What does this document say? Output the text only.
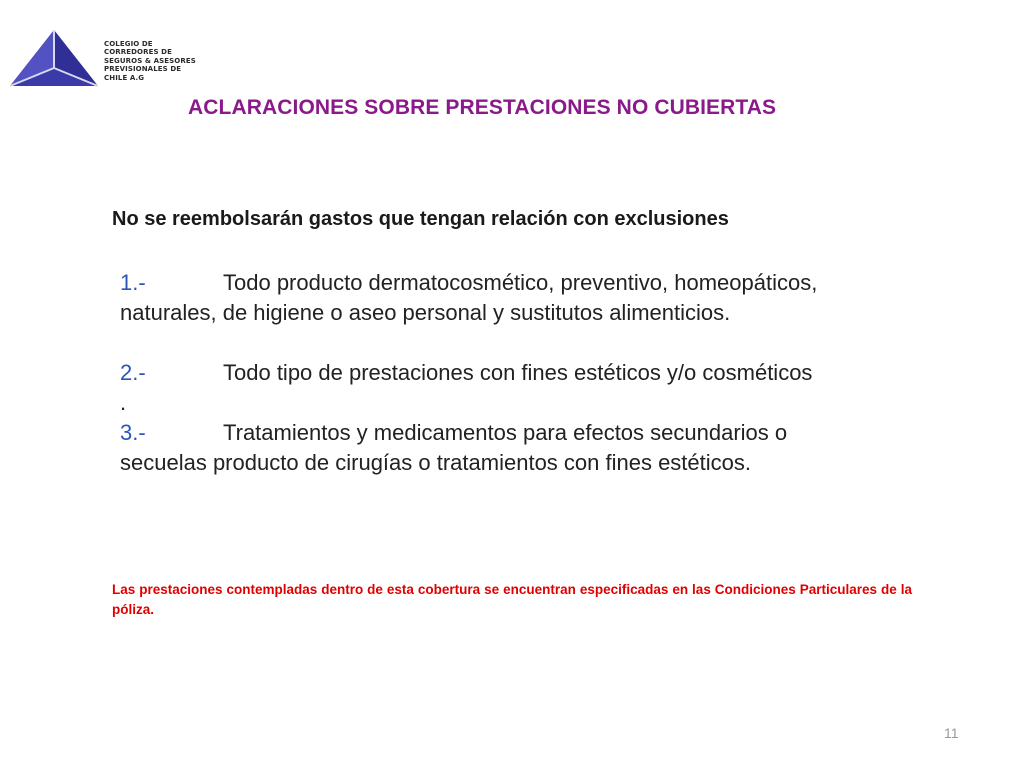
COLEGIO DE
CORREDORES DE
SEGUROS & ASESORES
PREVISIONALES DE
CHILE A.G
ACLARACIONES SOBRE PRESTACIONES NO CUBIERTAS
No se reembolsarán gastos que tengan relación con exclusiones
1.-	Todo producto dermatocosmético, preventivo, homeopáticos,
naturales, de higiene o aseo personal y sustitutos alimenticios.
2.-	Todo tipo de prestaciones con fines estéticos y/o cosméticos
.
3.-	Tratamientos y medicamentos para efectos secundarios o
secuelas producto de cirugías o tratamientos con fines estéticos.
Las prestaciones contempladas dentro de esta cobertura se encuentran especificadas en las Condiciones Particulares de la póliza.
11
